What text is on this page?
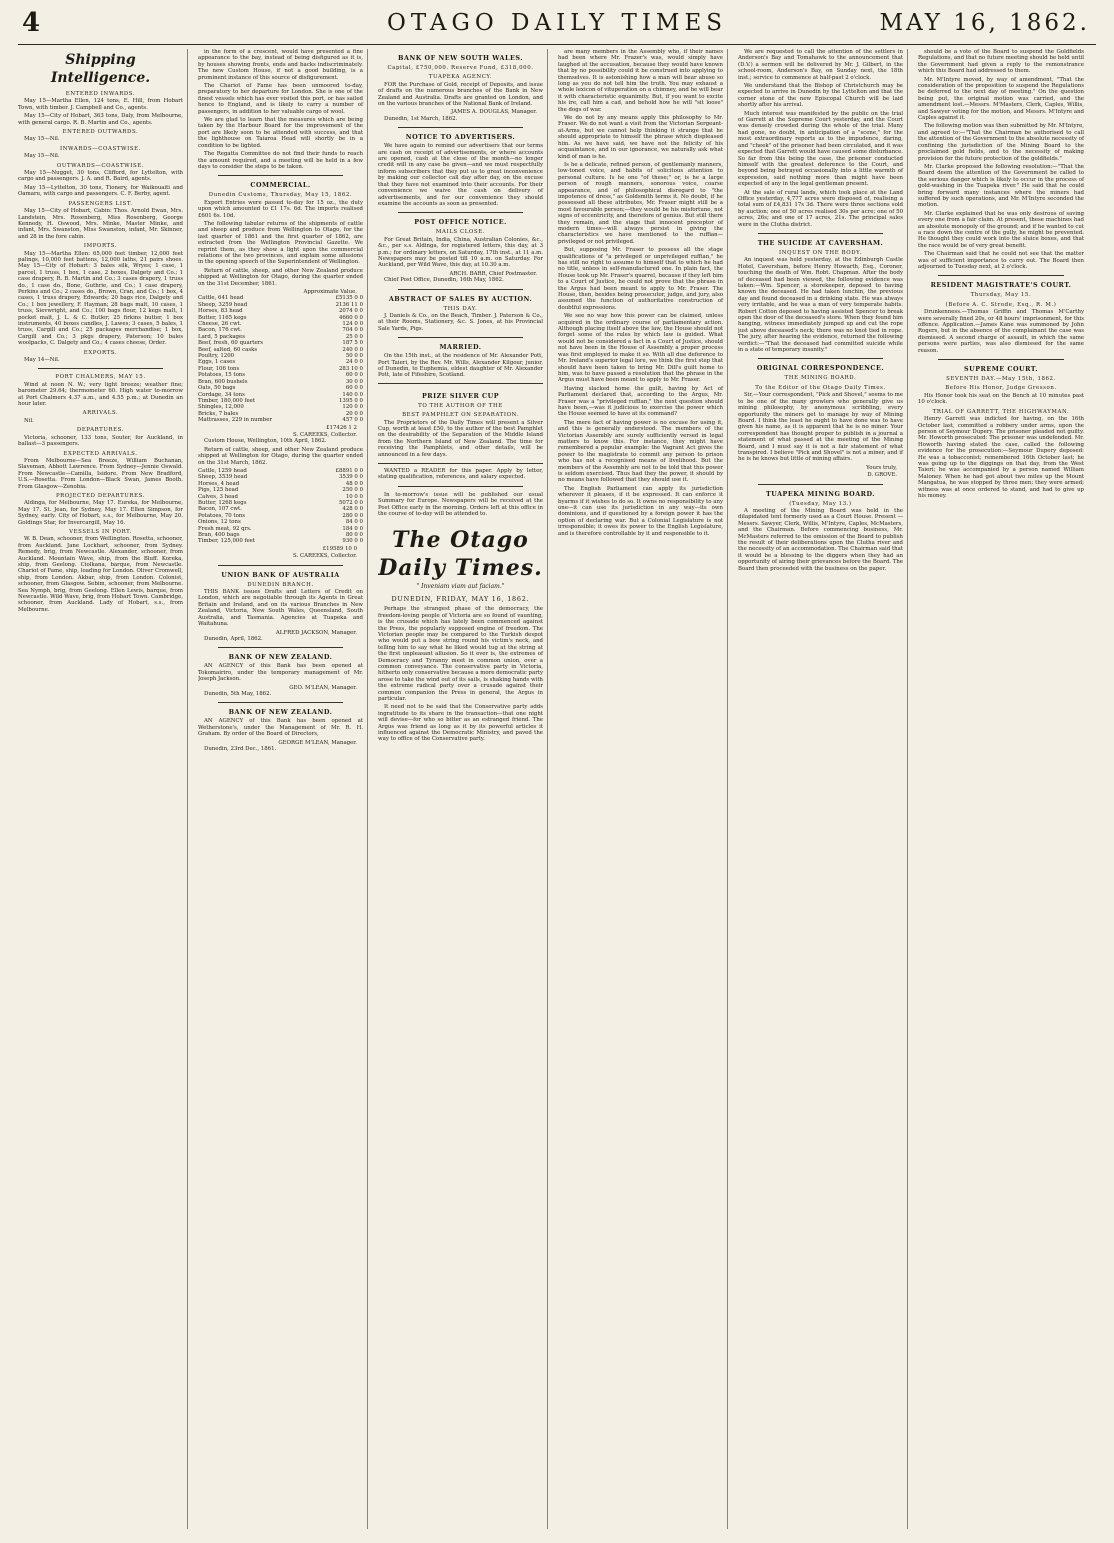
4	OTAGO DAILY TIMES	MAY 16, 1862.
Shipping Intelligence.
ENTERED INWARDS.
May 15—Martha Ellen, 124 tons, E. Hill, from Hobart Town, with timber. J. Campbell and Co., agents.
May 15—City of Hobart, 363 tons, Daly, from Melbourne, with general cargo. R. B. Martin and Co., agents.
ENTERED OUTWARDS.
May 15—Nil.
INWARDS—COASTWISE.
May 15—Nil.
OUTWARDS—COASTWISE.
May 15—Nugget, 30 tons, Clifford, for Lyttelton, with cargo and passengers. J. A. and R. Baird, agents.
May 15—Lyttelton, 30 tons, Tionery, for Waikouaiti and Oamaru, with cargo and passengers. C. F. Berby, agent.
PASSENGERS LIST.
May 15—City of Hobart, Cabin: Thos. Arnold Ewan, Mrs. Landstein, Mrs. Rosenberg, Miss Rosenberg, George Kennedy, H. Oswood, Mrs. Minke, Master Minke, and infant, Mrs. Swanston, Miss Swanston, infant, Mr. Skinner, and 28 in the fore cabin.
IMPORTS.
May 15—Martha Ellen: 65,000 feet timber, 12,000 feet palings, 10,000 feet battens, 12,000 laths, 21 pairs shoes. May 15—City of Hobart: 3 bales silk, Wryes; 1 case, 1 parcel, 1 truss, 1 box, 1 case, 2 boxes, Dalgety and Co.; 1 case drapery, R. B. Martin and Co.; 3 cases drapery, 1 truss do., 1 case do., Bone, Guthrie, and Co.; 1 case drapery, Perkins and Co.; 2 cases do., Brown, Cran, and Co.; 1 box, 4 cases, 1 truss drapery, Edwards; 20 bags rice, Dalgety and Co.; 1 box jewellery, F. Hayman; 28 bags malt, 10 cases, 1 truss, Sievwright, and Co.; 100 bags flour, 12 kegs malt, 1 pocket malt, J. L. & C. Butler; 25 firkins butter, 1 box instruments, 40 boxes candles, J. Lawes; 3 cases, 5 bales, 1 truss, Cargill and Co.; 25 packages merchandise; 1 box, Cargill and Co.; 3 pkgs drapery, Paterson; 10 bales woolpacks, C. Dalgety and Co.; 4 cases cheese, Order.
EXPORTS.
May 14—Nil.
PORT CHALMERS, MAY 15.
Wind at noon N. W.; very light breeze; weather fine; barometer 29.64; thermometer 60. High water to-morrow at Port Chalmers 4.37 a.m., and 4.55 p.m.; at Dunedin an hour later.
ARRIVALS.
Nil.
DEPARTURES.
Victoria, schooner, 133 tons, Souter, for Auckland, in ballast—3 passengers.
EXPECTED ARRIVALS.
From Melbourne—Sea Breeze, William Buchanan, Slaveman, Abbott Lawrence. From Sydney—Jennie Oswald. From Newcastle—Camilla, Isidore. From New Bradford, U.S.—Rosetta. From London—Black Swan, James Booth. From Glasgow—Zenobia.
PROJECTED DEPARTURES.
Aldinga, for Melbourne, May 17. Eureka, for Melbourne, May 17. St. Jean, for Sydney, May 17. Ellen Simpson, for Sydney, early. City of Hobart, s.s., for Melbourne, May 20. Goldings Star, for Invercargill, May 16.
VESSELS IN PORT.
W. B. Dean, schooner, from Wellington. Rosetta, schooner, from Auckland. Jane Lockhart, schooner, from Sydney. Remedy, brig, from Newcastle. Alexander, schooner, from Auckland. Mountain Wave, ship, from the Bluff. Koreka, ship, from Geelong. Ciolkana, barque, from Newcastle. Chariot of Fame, ship, loading for London. Oliver Cromwell, ship, from London. Akbar, ship, from London. Colonist, schooner, from Glasgow. Sebim, schooner, from Melbourne. Sea Nymph, brig, from Geelong. Ellen Lewis, barque, from Newcastle. Wild Wave, brig, from Hobart Town. Cambridge, schooner, from Auckland. Lady of Hobart, s.s., from Melbourne.
in the form of a crescent, would have presented a fine appearance to the bay, instead of being disfigured as it is, by houses showing fronts, ends and backs indiscriminately. The new Custom House, if not a good building, is a prominent instance of this source of disfigurement.
The Chariot of Fame has been unmoored to-day, preparatory to her departure for London. She is one of the finest vessels which has ever visited this port, or has sailed hence to England, and is likely to carry a number of passengers, in addition to her valuable cargo of wool.
We are glad to learn that the measures which are being taken by the Harbour Board for the improvement of the port are likely soon to be attended with success, and that the lighthouse on Taiaroa Head will shortly be in a condition to be lighted.
The Regatta Committee do not find their funds to reach the amount required, and a meeting will be held in a few days to consider the steps to be taken.
COMMERCIAL.
Dunedin Customs, Thursday, May 15, 1862.
Export Entries were passed to-day for 15 oz., the duty upon which amounted to £1 17s. 6d. The imports realised £601 6s. 10d.
The following tabular returns of the shipments of cattle and sheep and produce from Wellington to Otago, for the last quarter of 1861 and the first quarter of 1862, are extracted from the Wellington Provincial Gazette. We reprint them, as they show a light upon the commercial relations of the two provinces, and explain some allusions in the opening speech of the Superintendent of Wellington.
Return of cattle, sheep, and other New Zealand produce shipped at Wellington for Otago, during the quarter ended on the 31st December, 1861.
Approximate Value.
Cattle, 641 head	£5135 0 0
Sheep, 3259 head	2136 11 0
Horses, 83 head	2074 0 0
Butter, 1165 kegs	4660 0 0
Cheese, 26 cwt.	124 0 0
Bacon, 176 cwt.	704 0 0
Lard, 5 packages	25 0 0
Beef, fresh, 60 quarters	187 5 0
Beef, salted, 60 casks	240 0 0
Poultry, 1200	50 0 0
Eggs, 1 cases	24 0 0
Flour, 106 tons	283 10 0
Potatoes, 15 tons	60 0 0
Bran, 600 bushels	30 0 0
Oats, 50 bags	60 0 0
Cordage, 34 tons	140 0 0
Timber, 180,000 feet	1395 0 0
Shingles, 12,000	120 0 0
Bricks, 7 bales	20 0 0
Mattrasses, 229 in number	457 0 0
£17426 1 2
S. CAREEKS, Collector.
Custom House, Wellington, 10th April, 1862.
Return of cattle, sheep, and other New Zealand produce shipped at Wellington for Otago, during the quarter ended on the 31st March, 1862.
Cattle, 1259 head	£8891 0 0
Sheep, 3539 head	3539 0 0
Horses, 4 head	48 0 0
Pigs, 125 head	250 0 0
Calves, 3 head	10 0 0
Butter, 1268 kegs	5072 0 0
Bacon, 107 cwt.	428 0 0
Potatoes, 70 tons	280 0 0
Onions, 12 tons	84 0 0
Fresh meat, 92 qrs.	184 0 0
Bran, 400 bags	80 0 0
Timber, 125,000 feet	930 0 0
£19589 10 0
S. CAREEKS, Collector.
UNION BANK OF AUSTRALIA
DUNEDIN BRANCH.
THIS BANK issues Drafts and Letters of Credit on London, which are negotiable through its Agents in Great Britain and Ireland, and on its various Branches in New Zealand, Victoria, New South Wales, Queensland, South Australia, and Tasmania. Agencies at Tuapeka and Waitahuna.
ALFRED JACKSON, Manager.
Dunedin, April, 1862.
BANK OF NEW ZEALAND.
AN AGENCY of this Bank has been opened at Tokomairiro, under the temporary management of Mr. Joseph Jackson.
GEO. M'LEAN, Manager.
Dunedin, 5th May, 1862.
BANK OF NEW ZEALAND.
AN AGENCY of this Bank has been opened at Wetherstone's, under the Management of Mr. R. H. Graham. By order of the Board of Directors,
GEORGE M'LEAN, Manager.
Dunedin, 23rd Dec., 1861.
BANK OF NEW SOUTH WALES.
Capital, £750,000. Reserve Fund, £318,000.
TUAPEKA AGENCY.
FOR the Purchase of Gold, receipt of Deposits, and issue of drafts on the numerous branches of the Bank in New Zealand and Australia. Drafts are granted on London, and on the various branches of the National Bank of Ireland.
JAMES A. DOUGLAS, Manager.
Dunedin, 1st March, 1862.
NOTICE TO ADVERTISERS.
We have again to remind our advertisers that our terms are cash on receipt of advertisements, or where accounts are opened, cash at the close of the month—no longer credit will in any case be given—and we must respectfully inform subscribers that they put us to great inconvenience by making our collector call day after day, on the excuse that they have not examined into their accounts. For their convenience we waive the cash on delivery of advertisements, and for our convenience they should examine the accounts as soon as presented.
POST OFFICE NOTICE.
MAILS CLOSE.
For Great Britain, India, China, Australian Colonies, &c., &c., per s.s. Aldinga, for registered letters, this day, at 3 p.m.; for ordinary letters, on Saturday, 17th inst., at 11 a.m. Newspapers may be posted till 10 a.m. on Saturday. For Auckland, per Wild Wave, this day, at 10.30 a.m.
ARCH. BARR, Chief Postmaster.
Chief Post Office, Dunedin, 16th May, 1862.
ABSTRACT OF SALES BY AUCTION.
THIS DAY.
J. Daniels & Co., on the Beach, Timber. J. Paterson & Co., at their Rooms, Stationery, &c. S. Jones, at his Provincial Sale Yards, Pigs.
MARRIED.
On the 15th inst., at the residence of Mr. Alexander Pott, Port Taieri, by the Rev. Mr. Wills, Alexander Kilgour, junior, of Dunedin, to Euphemia, eldest daughter of Mr. Alexander Pott, late of Fifeshire, Scotland.
PRIZE SILVER CUP
TO THE AUTHOR OF THE
BEST PAMPHLET ON SEPARATION.
The Proprietors of the Daily Times will present a Silver Cup, worth at least £50, to the author of the best Pamphlet on the desirability of the Separation of the Middle Island from the Northern Island of New Zealand. The time for receiving the Pamphlets, and other details, will be announced in a few days.
WANTED a READER for this paper. Apply by letter, stating qualification, references, and salary expected.
In to-morrow's issue will be published our usual Summary for Europe. Newspapers will be received at the Post Office early in the morning. Orders left at this office in the course of to-day will be attended to.
The Otago Daily Times.
" Inveniam viam aut faciam."
DUNEDIN, FRIDAY, MAY 16, 1862.
Perhaps the strangest phase of the democracy, the freedom-loving people of Victoria are so found of vaunting, is the crusade which has lately been commenced against the Press, the popularly supposed engine of freedom. The Victorian people may be compared to the Turkish despot who would put a bow string round his victim's neck, and telling him to say what he liked would tug at the string at the first unpleasant allusion. So it ever is, the extremes of Democracy and Tyranny meet in common union, over a common conveyance. The conservative party in Victoria, hitherto only conservative because a more democratic party arose to take the wind out of its sails, is shaking hands with the extreme radical party over a crusade against their common companion the Press in general, the Argus in particular.
It need not to be said that the Conservative party adds ingratitude to its share in the transaction—that one night will devise—for who so bitter as an estranged friend. The Argus was friend as long as it by its powerful articles it influenced against the Democratic Ministry, and paved the way to office of the Conservative party.
are many members in the Assembly who, if their names had been where Mr. Frazer's was, would simply have laughed at the accusation, because they would have known that by no possibility could it be construed into applying to themselves. It is astonishing how a man will bear abuse so long as you do not tell him the truth. You may exhaust a whole lexicon of vituperation on a chimney, and he will bear it with characteristic equanimity. But, if you want to excite his ire, call him a cad, and behold how he will "sit loose" the dogs of war.
We do not by any means apply this philosophy to Mr. Fraser. We do not want a visit from the Victorian Sergeant-at-Arms, but we cannot help thinking it strange that he should appropriate to himself the phrase which displeased him. As we have said, we have not the felicity of his acquaintance, and in our ignorance, we naturally ask what kind of man is he.
Is he a delicate, refined person, of gentlemanly manners, low-toned voice, and habits of solicitous attention to personal culture. Is he one "of these;" or, is he a large person of rough manners, sonorous voice, coarse appearance, and of philosophical disregard to "the impotence of dress," as Goldsmith terms it. No doubt, if he possessed all these attributes, Mr. Fraser might still be a most favourable person;—they would be his misfortune, not signs of eccentricity, and therefore of genius. But still there they remain, and the stage that innocent preceptor of modern times—will always persist in giving the characteristics we have mentioned to the ruffian—privileged or not privileged.
But, supposing Mr. Fraser to possess all the stage qualifications of "a privileged or unprivileged ruffian," he has still no right to assume to himself that to which he had no title, unless in self-manufactured one. In plain fact, the House took up Mr. Fraser's quarrel, because if they left him to a Court of Justice, he could not prove that the phrase in the Argus had been meant to apply to Mr. Fraser. The House, then, besides being prosecutor, judge, and jury, also assumed the function of authoritative construction of doubtful expressions.
We see no way how this power can be claimed, unless acquired in the ordinary course of parliamentary action. Although placing itself above the law, the House should not forget some of the rules by which law is guided. What would not be considered a fact in a Court of Justice, should not have been in the House of Assembly a proper process was first employed to make it so. With all due deference to Mr. Ireland's superior legal lore, we think the first step that should have been taken to bring Mr. Dill's guilt home to him, was to have passed a resolution that the phrase in the Argus must have been meant to apply to Mr. Fraser.
Having slacked home the guilt, having by Act of Parliament declared that, according to the Argus, Mr. Fraser was a "privileged ruffian," the next question should have been,—was it judicious to exercise the power which the House seemed to have at its command?
The mere fact of having power is no excuse for using it, and this is generally understood. The members of the Victorian Assembly are surely sufficiently versed in legal matters to know this. For instance, they might have remembered a popular example: the Vagrant Act gives the power to the magistrate to commit any person to prison who has not a recognised means of livelihood. But the members of the Assembly are not to be told that this power is seldom exercised. Thus had they the power, it should by no means have followed that they should use it.
The English Parliament can apply its jurisdiction wherever it pleases, if it be expressed. It can enforce it byarms if it wishes to do so. It owns no responsibility to any one—it can use its jurisdiction in any way—its own dominions, and if questioned by a foreign power it has the option of declaring war. But a Colonial Legislature is not irresponsible; it owes its power to the English Legislature, and is therefore controllable by it and responsible to it.
We are requested to call the attention of the settlers in Anderson's Bay and Tomahawk to the announcement that (D.V.) a sermon will be delivered by Mr. J. Gilbert, in the school-room, Anderson's Bay, on Sunday next, the 18th inst.; service to commence at half-past 2 o'clock.
We understand that the Bishop of Christchurch may be expected to arrive in Dunedin by the Lyttelton and that the corner stone of the new Episcopal Church will be laid shortly after his arrival.
Much interest was manifested by the public on the trial of Garrett at the Supreme Court yesterday, and the Court was densely crowded during the whole of the trial. Many had gone, no doubt, in anticipation of a "scene," for the most extraordinary reports as to the impudence, daring, and "cheek" of the prisoner had been circulated, and it was expected that Garrett would have caused some disturbance. So far from this being the case, the prisoner conducted himself with the greatest deference to the Court, and beyond being betrayed occasionally into a little warmth of expression, said nothing more than might have been expected of any in the legal gentleman present.
At the sale of rural lands, which took place at the Land Office yesterday, 4,777 acres were disposed of, realising a total sum of £4,831 17s 3d. There were three sections sold by auction; one of 50 acres realised 30s per acre; one of 50 acres, 26s; and one of 17 acres, 21s. The principal sales were in the Clutha district.
THE SUICIDE AT CAVERSHAM.
INQUEST ON THE BODY.
An inquest was held yesterday, at the Edinburgh Castle Hotel, Caversham, before Henry Howarth, Esq., Coroner, touching the death of Wm. Robt. Chapman. After the body of deceased had been viewed, the following evidence was taken:—Wm. Spencer, a storekeeper, deposed to having known the deceased. He had taken lunchin, the previous day and found deceased in a drinking state. He was always very irritable, and he was a man of very temperate habits. Robert Cotton deposed to having assisted Spencer to break open the door of the deceased's store. When they found him hanging, witness immediately jumped up and cut the rope just above deceased's neck; there was no knot tied in rope. The jury, after hearing the evidence, returned the following verdict:—"That the deceased had committed suicide while in a state of temporary insanity."
ORIGINAL CORRESPONDENCE.
THE MINING BOARD.
To the Editor of the Otago Daily Times.
Sir,—Your correspondent, "Pick and Shovel," seems to me to be one of the many growlers who generally give us mining philosophy, by anonymous scribbling, every opportunity the miners get to manage by way of Mining Board. I think the least he ought to have done was to have given his name, as it is apparent that he is no miner. Your correspondent has thought proper to publish in a journal a statement of what passed at the meeting of the Mining Board, and I must say it is not a fair statement of what transpired. I believe "Pick and Shovel" is not a miner, and if he is he knows but little of mining affairs.
Yours truly,
D. GROVE.
TUAPEKA MINING BOARD.
(Tuesday, May 13.)
A meeting of the Mining Board was held in the dilapidated tent formerly used as a Court House. Present — Messrs. Sawyer, Clerk, Willis, M'Intyre, Caples, McMasters, and the Chairman. Before commencing business, Mr. McMasters referred to the omission of the Board to publish the result of their deliberations upon the Clutha river and the necessity of an accommodation. The Chairman said that it would be a blessing to the diggers when they had an opportunity of airing their grievances before the Board. The Board then proceeded with the business on the paper.
should be a vote of the Board to suspend the Goldfields Regulations, and that no future meeting should be held until the Government had given a reply to the remonstrance which this Board had addressed to them.
Mr. M'Intyre moved, by way of amendment, "That the consideration of the proposition to suspend the Regulations be deferred to the next day of meeting." On the question being put, the original motion was carried, and the amendment lost.—Messrs. M'Masters, Clerk, Caples, Willis, and Sawyer voting for the motion, and Messrs. M'Intyre and Caples against it.
The following motion was then submitted by Mr. M'Intyre, and agreed to:—"That the Chairman be authorised to call the attention of the Government to the absolute necessity of confining the jurisdiction of the Mining Board to the proclaimed gold fields, and to the necessity of making provision for the future protection of the goldfields."
Mr. Clarke proposed the following resolution:—"That the Board deem the attention of the Government be called to the serious danger which is likely to occur in the process of gold-washing in the Tuapeka river." He said that he could bring forward many instances where the miners had suffered by such operations, and Mr. M'Intyre seconded the motion.
Mr. Clarke explained that he was only desirous of saving every one from a fair claim. At present, these machines had an absolute monopoly of the ground; and if he wanted to cut a race down the centre of the gully, he might be prevented. He thought they could work into the sluice boxes, and that the race would be of very great benefit.
The Chairman said that he could not see that the matter was of sufficient importance to carry out. The Board then adjourned to Tuesday next, at 2 o'clock.
RESIDENT MAGISTRATE'S COURT.
Thursday, May 15.
(Before A. C. Strode, Esq., R. M.)
Drunkenness.—Thomas Griffin and Thomas M'Carthy were severally fined 20s, or 48 hours' imprisonment, for this offence. Application.—James Kane was summoned by John Rogers, but in the absence of the complainant the case was dismissed. A second charge of assault, in which the same persons were parties, was also dismissed for the same reason.
SUPREME COURT.
SEVENTH DAY.—May 15th, 1862.
Before His Honor, Judge Gresson.
His Honor took his seat on the Bench at 10 minutes past 10 o'clock.
TRIAL OF GARRETT, THE HIGHWAYMAN.
Henry Garrett was indicted for having, on the 16th October last, committed a robbery under arms, upon the person of Seymour Dupery. The prisoner pleaded not guilty. Mr. Howorth prosecuted: The prisoner was undefended. Mr. Howorth having stated the case, called the following evidence for the prosecution:—Seymour Dupery deposed: He was a tobacconist; remembered 16th October last; he was going up to the diggings on that day, from the West Taieri; he was accompanied by a person named William Maloney. When he had got about two miles up the Mount Mangatua, he was stopped by three men; they were armed; witness was at once ordered to stand, and had to give up his money.
